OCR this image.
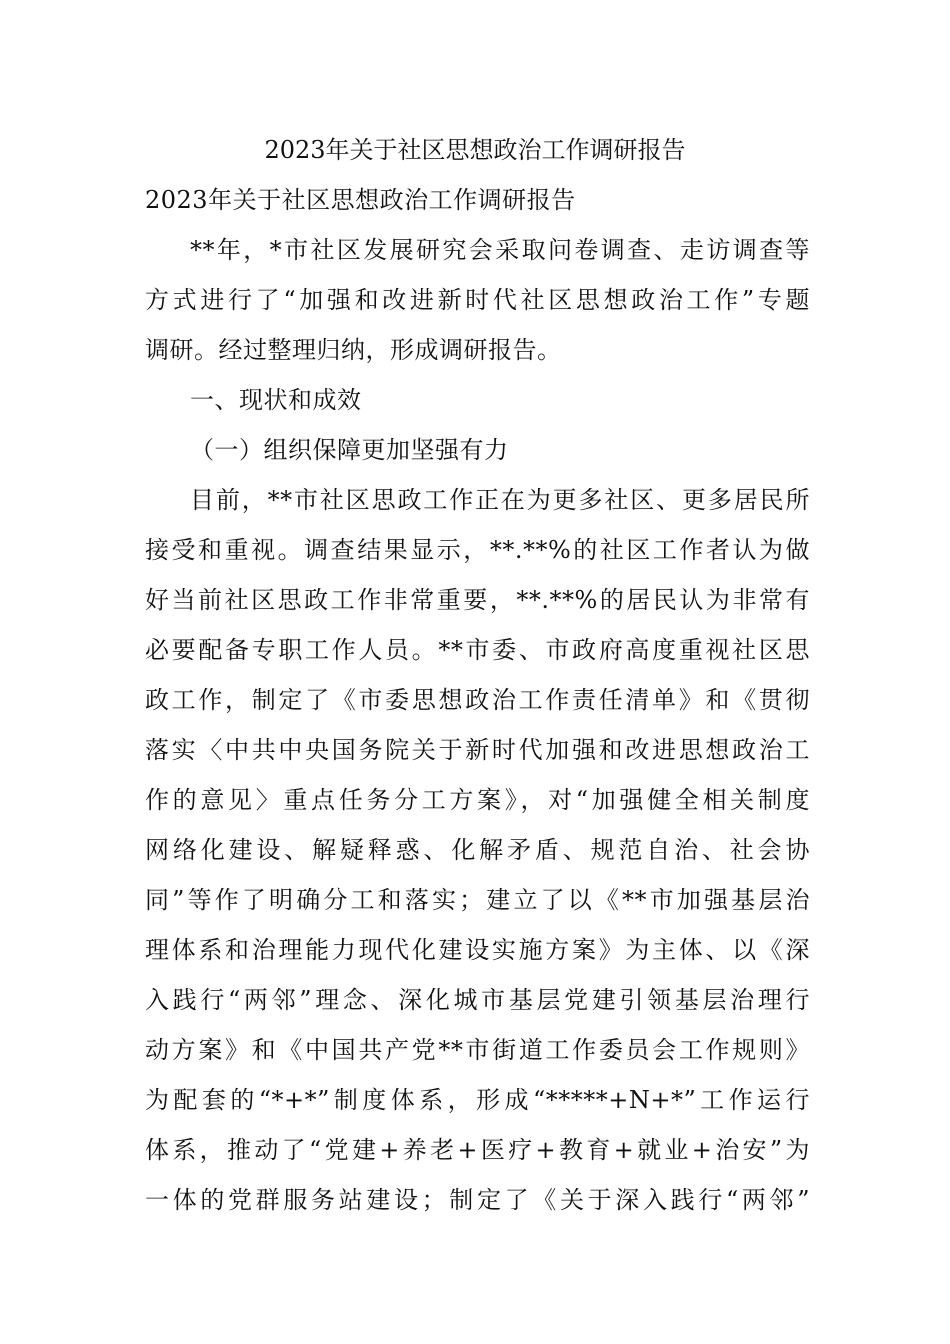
2023年关于社区思想政治工作调研报告

2023年关于社区思想政治工作调研报告

**年，*市社区发展研究会采取问卷调查、走访调查等

方式进行了“加强和改进新时代社区思想政治工作”专题

调研。经过整理归纳，形成调研报告。

一、现状和成效

（一）组织保障更加坚强有力

目前，**市社区思政工作正在为更多社区、更多居民所

接受和重视。调查结果显示，**.**%的社区工作者认为做

好当前社区思政工作非常重要，**.**%的居民认为非常有

必要配备专职工作人员。**市委、市政府高度重视社区思

政工作，制定了《市委思想政治工作责任清单》和《贯彻

落实〈中共中央国务院关于新时代加强和改进思想政治工

作的意见〉重点任务分工方案》，对“加强健全相关制度

网络化建设、解疑释惑、化解矛盾、规范自治、社会协

同”等作了明确分工和落实；建立了以《**市加强基层治

理体系和治理能力现代化建设实施方案》为主体、以《深

入践行“两邻”理念、深化城市基层党建引领基层治理行

动方案》和《中国共产党**市街道工作委员会工作规则》

为配套的“*+*”制度体系，形成“*****+N+*”工作运行

体系，推动了“党建+养老+医疗+教育+就业+治安”为

一体的党群服务站建设；制定了《关于深入践行“两邻”
